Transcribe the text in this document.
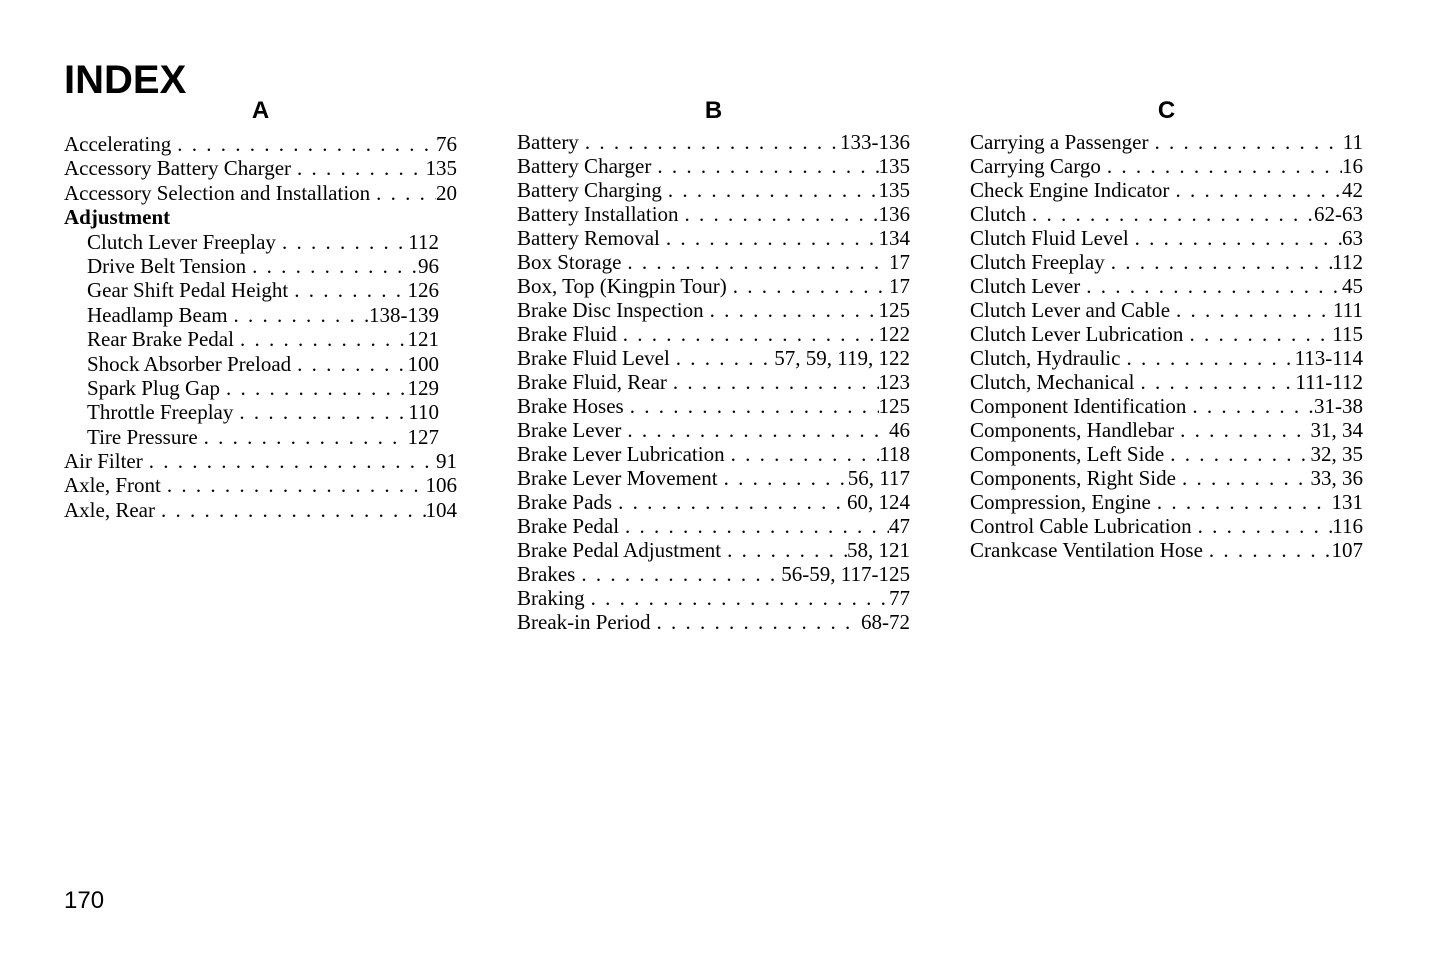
INDEX
A
Accelerating . . .	76
Accessory Battery Charger . . .	135
Accessory Selection and Installation . . .	20
Adjustment
Clutch Lever Freeplay . . .	112
Drive Belt Tension . . .	96
Gear Shift Pedal Height . . .	126
Headlamp Beam . . .	138-139
Rear Brake Pedal . . .	121
Shock Absorber Preload . . .	100
Spark Plug Gap . . .	129
Throttle Freeplay . . .	110
Tire Pressure . . .	127
Air Filter . . .	91
Axle, Front . . .	106
Axle, Rear . . .	104
B
Battery . . .	133-136
Battery Charger . . .	135
Battery Charging . . .	135
Battery Installation . . .	136
Battery Removal . . .	134
Box Storage . . .	17
Box, Top (Kingpin Tour) . . .	17
Brake Disc Inspection . . .	125
Brake Fluid . . .	122
Brake Fluid Level . . .	57, 59, 119, 122
Brake Fluid, Rear . . .	123
Brake Hoses . . .	125
Brake Lever . . .	46
Brake Lever Lubrication . . .	118
Brake Lever Movement . . .	56, 117
Brake Pads . . .	60, 124
Brake Pedal . . .	47
Brake Pedal Adjustment . . .	58, 121
Brakes . . .	56-59, 117-125
Braking . . .	77
Break-in Period . . .	68-72
C
Carrying a Passenger . . .	11
Carrying Cargo . . .	16
Check Engine Indicator . . .	42
Clutch . . .	62-63
Clutch Fluid Level . . .	63
Clutch Freeplay . . .	112
Clutch Lever . . .	45
Clutch Lever and Cable . . .	111
Clutch Lever Lubrication . . .	115
Clutch, Hydraulic . . .	113-114
Clutch, Mechanical . . .	111-112
Component Identification . . .	31-38
Components, Handlebar . . .	31, 34
Components, Left Side . . .	32, 35
Components, Right Side . . .	33, 36
Compression, Engine . . .	131
Control Cable Lubrication . . .	116
Crankcase Ventilation Hose . . .	107
170
